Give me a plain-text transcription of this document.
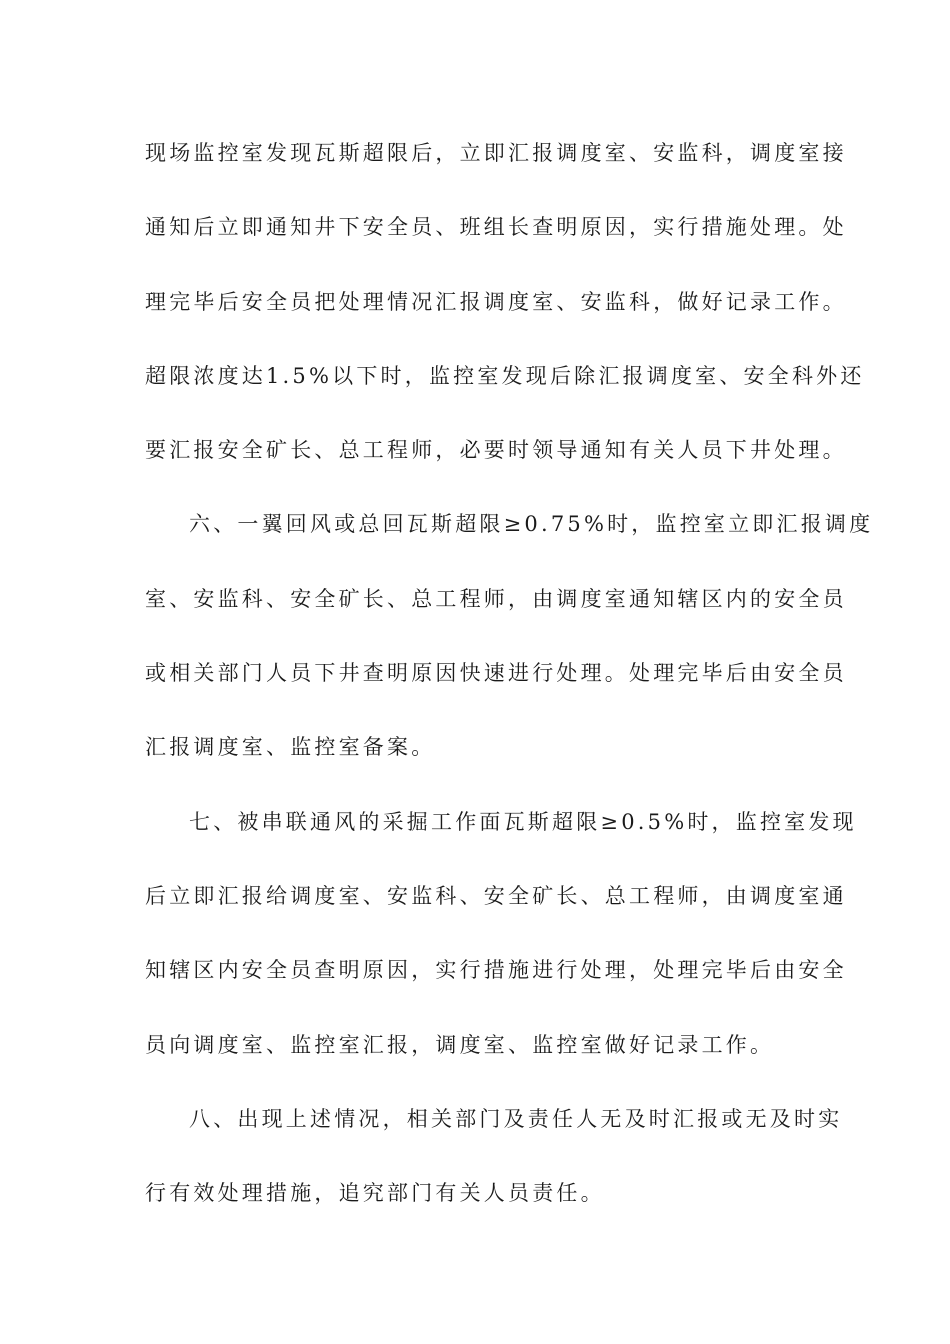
现场监控室发现瓦斯超限后，立即汇报调度室、安监科，调度室接
通知后立即通知井下安全员、班组长查明原因，实行措施处理。处
理完毕后安全员把处理情况汇报调度室、安监科，做好记录工作。
超限浓度达1.5%以下时，监控室发现后除汇报调度室、安全科外还
要汇报安全矿长、总工程师，必要时领导通知有关人员下井处理。
六、一翼回风或总回瓦斯超限≥0.75%时，监控室立即汇报调度
室、安监科、安全矿长、总工程师，由调度室通知辖区内的安全员
或相关部门人员下井查明原因快速进行处理。处理完毕后由安全员
汇报调度室、监控室备案。
七、被串联通风的采掘工作面瓦斯超限≥0.5%时，监控室发现
后立即汇报给调度室、安监科、安全矿长、总工程师，由调度室通
知辖区内安全员查明原因，实行措施进行处理，处理完毕后由安全
员向调度室、监控室汇报，调度室、监控室做好记录工作。
八、出现上述情况，相关部门及责任人无及时汇报或无及时实
行有效处理措施，追究部门有关人员责任。
